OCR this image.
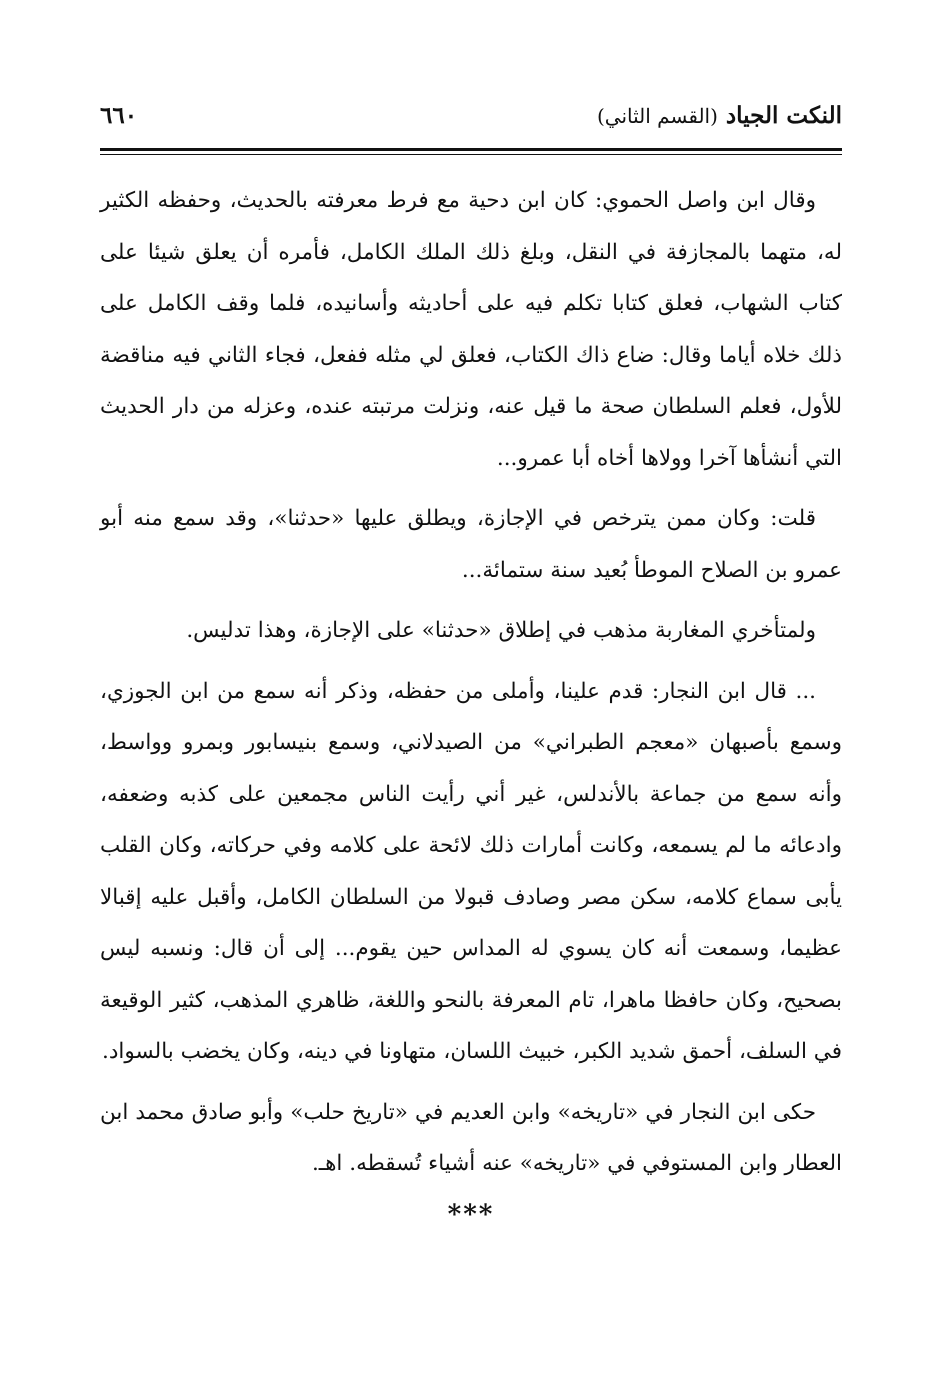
النكت الجياد (القسم الثاني)
٦٦٠

وقال ابن واصل الحموي: كان ابن دحية مع فرط معرفته بالحديث، وحفظه الكثير له، متهما بالمجازفة في النقل، وبلغ ذلك الملك الكامل، فأمره أن يعلق شيئا على كتاب الشهاب، فعلق كتابا تكلم فيه على أحاديثه وأسانيده، فلما وقف الكامل على ذلك خلاه أياما وقال: ضاع ذاك الكتاب، فعلق لي مثله ففعل، فجاء الثاني فيه مناقضة للأول، فعلم السلطان صحة ما قيل عنه، ونزلت مرتبته عنده، وعزله من دار الحديث التي أنشأها آخرا وولاها أخاه أبا عمرو...

قلت: وكان ممن يترخص في الإجازة، ويطلق عليها «حدثنا»، وقد سمع منه أبو عمرو بن الصلاح الموطأ بُعيد سنة ستمائة...

ولمتأخري المغاربة مذهب في إطلاق «حدثنا» على الإجازة، وهذا تدليس.

... قال ابن النجار: قدم علينا، وأملى من حفظه، وذكر أنه سمع من ابن الجوزي، وسمع بأصبهان «معجم الطبراني» من الصيدلاني، وسمع بنيسابور وبمرو وواسط، وأنه سمع من جماعة بالأندلس، غير أني رأيت الناس مجمعين على كذبه وضعفه، وادعائه ما لم يسمعه، وكانت أمارات ذلك لائحة على كلامه وفي حركاته، وكان القلب يأبى سماع كلامه، سكن مصر وصادف قبولا من السلطان الكامل، وأقبل عليه إقبالا عظيما، وسمعت أنه كان يسوي له المداس حين يقوم... إلى أن قال: ونسبه ليس بصحيح، وكان حافظا ماهرا، تام المعرفة بالنحو واللغة، ظاهري المذهب، كثير الوقيعة في السلف، أحمق شديد الكبر، خبيث اللسان، متهاونا في دينه، وكان يخضب بالسواد.

حكى ابن النجار في «تاريخه» وابن العديم في «تاريخ حلب» وأبو صادق محمد ابن العطار وابن المستوفي في «تاريخه» عنه أشياء تُسقطه. اهـ.

***
